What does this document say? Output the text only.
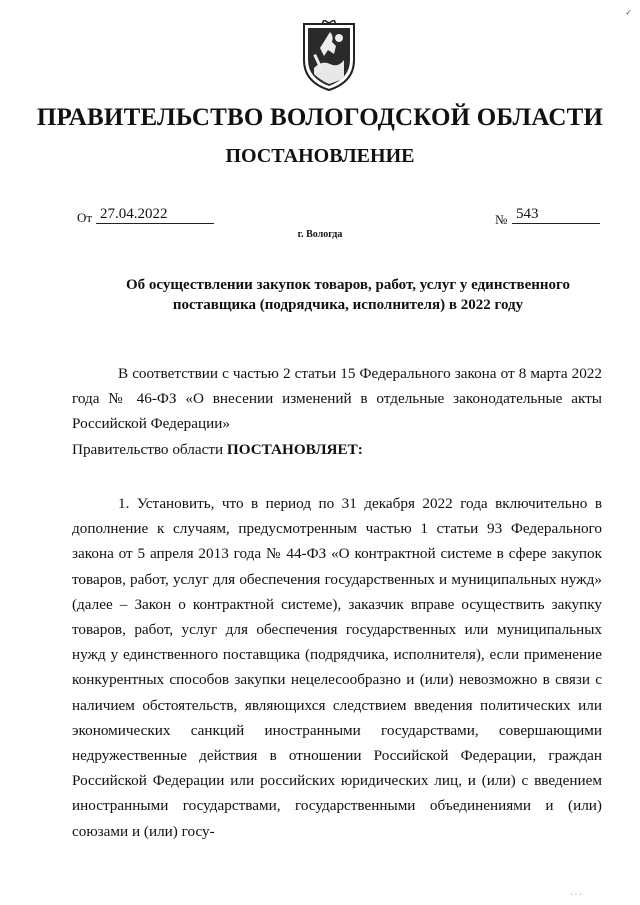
✓
ПРАВИТЕЛЬСТВО ВОЛОГОДСКОЙ ОБЛАСТИ
ПОСТАНОВЛЕНИЕ
От 27.04.2022	№ 543
г. Вологда
Об осуществлении закупок товаров, работ, услуг у единственного поставщика (подрядчика, исполнителя) в 2022 году
В соответствии с частью 2 статьи 15 Федерального закона от 8 марта 2022 года № 46-ФЗ «О внесении изменений в отдельные законодательные акты Российской Федерации»
Правительство области ПОСТАНОВЛЯЕТ:
1. Установить, что в период по 31 декабря 2022 года включительно в дополнение к случаям, предусмотренным частью 1 статьи 93 Федерального закона от 5 апреля 2013 года № 44-ФЗ «О контрактной системе в сфере закупок товаров, работ, услуг для обеспечения государственных и муниципальных нужд» (далее – Закон о контрактной системе), заказчик вправе осуществить закупку товаров, работ, услуг для обеспечения государственных или муниципальных нужд у единственного поставщика (подрядчика, исполнителя), если применение конкурентных способов закупки нецелесообразно и (или) невозможно в связи с наличием обстоятельств, являющихся следствием введения политических или экономических санкций иностранными государствами, совершающими недружественные действия в отношении Российской Федерации, граждан Российской Федерации или российских юридических лиц, и (или) с введением иностранными государствами, государственными объединениями и (или) союзами и (или) госу-
· · ·
